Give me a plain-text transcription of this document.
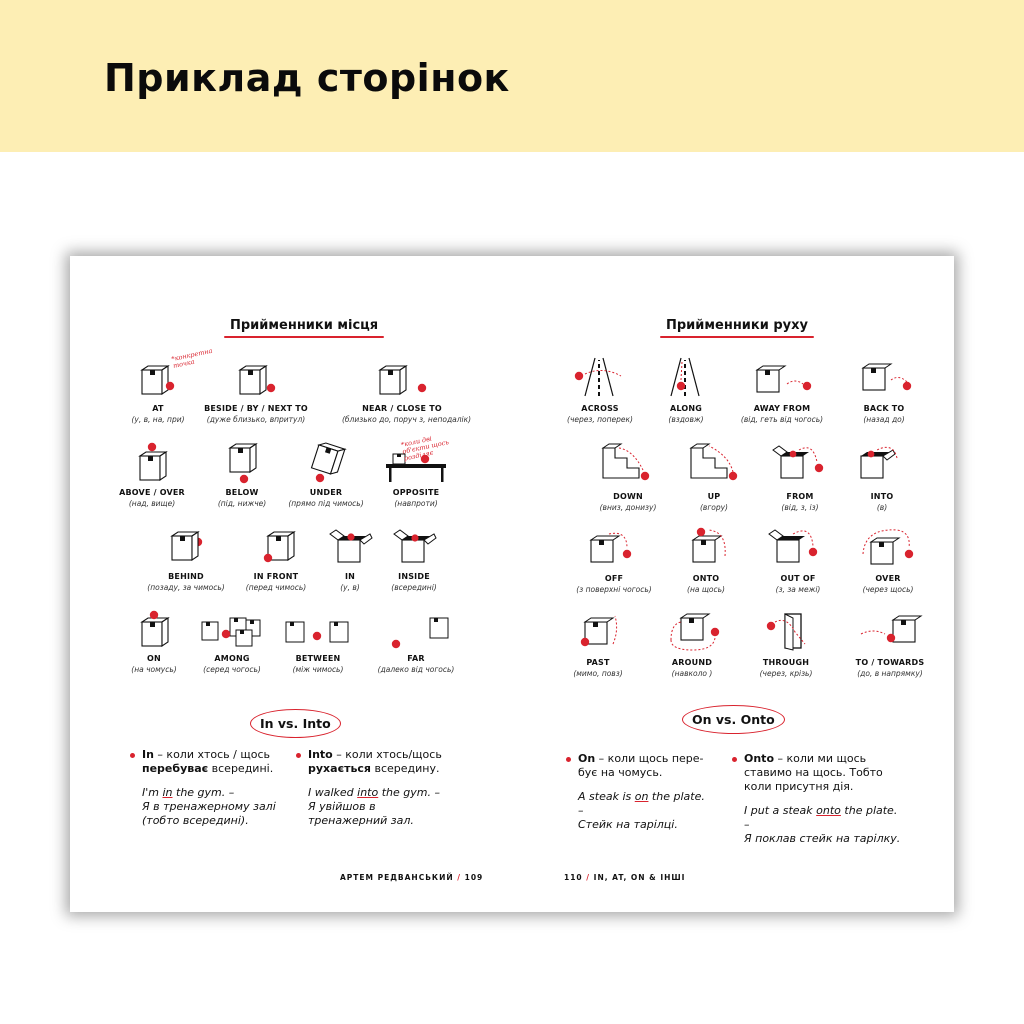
Приклад сторінок
Прийменники місця
AT
(у, в, на, при)
*конкретна точка
BESIDE / BY / NEXT TO
(дуже близько, впритул)
NEAR / CLOSE TO
(близько до, поруч з, неподалік)
ABOVE / OVER
(над, вище)
BELOW
(під, нижче)
UNDER
(прямо під чимось)
OPPOSITE
(навпроти)
*коли дві об'єкти щось розділяє
BEHIND
(позаду, за чимось)
IN FRONT
(перед чимось)
IN
(у, в)
INSIDE
(всередині)
ON
(на чомусь)
AMONG
(серед чогось)
BETWEEN
(між чимось)
FAR
(далеко від чогось)
In vs. Into

In – коли хтось / щось перебуває всередині.

I'm in the gym. –
Я в тренажерному залі (тобто всередині).

Into – коли хтось/щось рухається всередину.

I walked into the gym. –
Я увійшов в тренажерний зал.

АРТЕМ РЕДВАНСЬКИЙ / 109
Прийменники руху
ACROSS
(через, поперек)
ALONG
(вздовж)
AWAY FROM
(від, геть від чогось)
BACK TO
(назад до)
DOWN
(вниз, донизу)
UP
(вгору)
FROM
(від, з, із)
INTO
(в)
OFF
(з поверхні чогось)
ONTO
(на щось)
OUT OF
(з, за межі)
OVER
(через щось)
PAST
(мимо, повз)
AROUND
(навколо )
THROUGH
(через, крізь)
TO / TOWARDS
(до, в напрямку)
On vs. Onto

On – коли щось пере-бує на чомусь.

A steak is on the plate. –
Стейк на тарілці.

Onto – коли ми щось ставимо на щось. Тобто коли присутня дія.

I put a steak onto the plate. –
Я поклав стейк на тарілку.

110 / IN, AT, ON & ІНШІ
